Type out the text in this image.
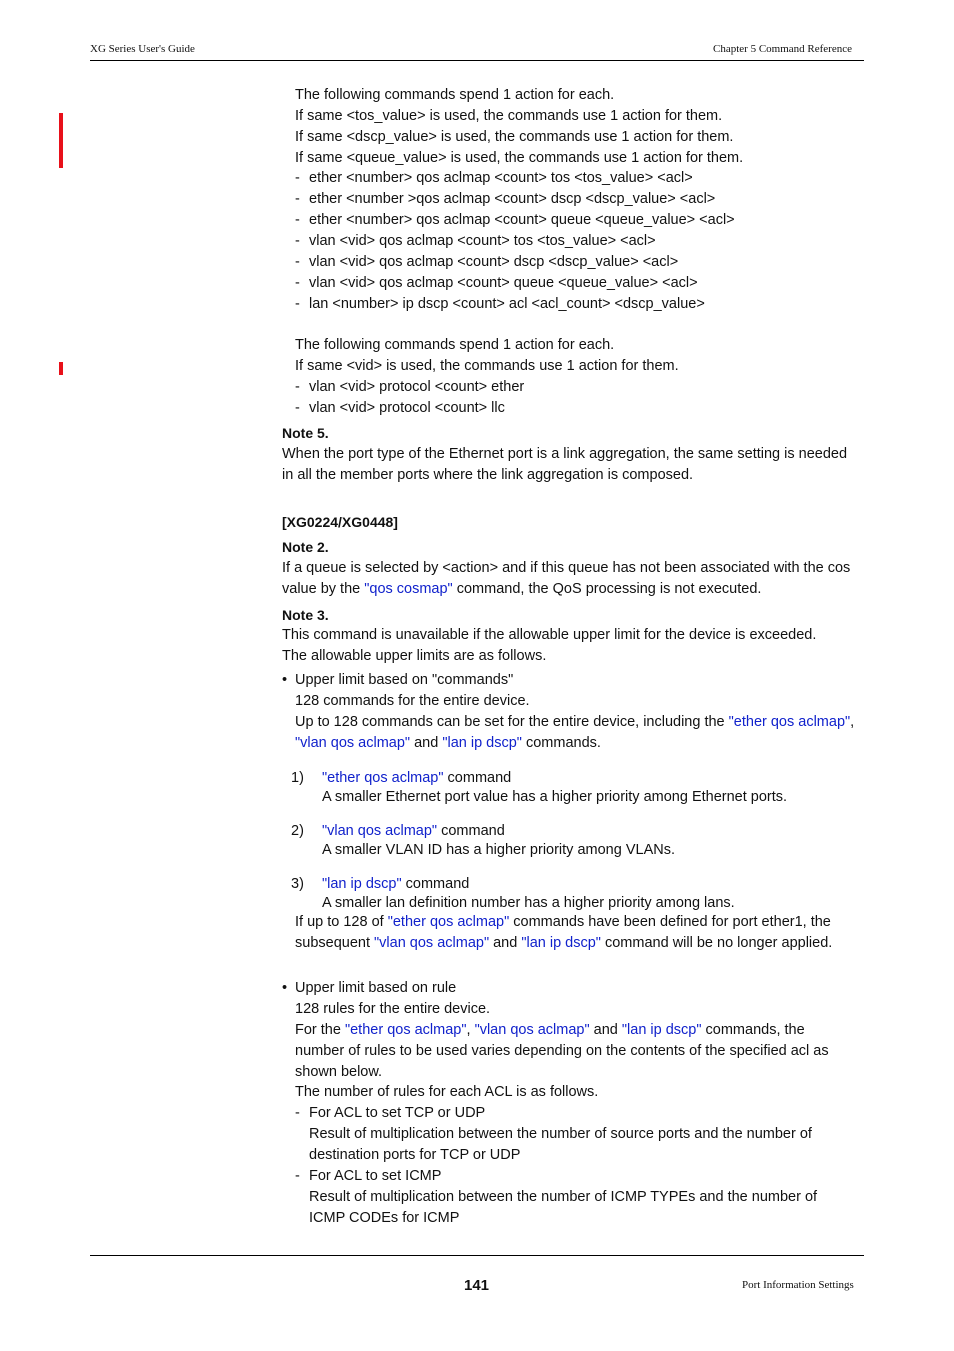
XG Series User's Guide	Chapter 5 Command Reference
The following commands spend 1 action for each.
If same <tos_value> is used, the commands use 1 action for them.
If same <dscp_value> is used, the commands use 1 action for them.
If same <queue_value> is used, the commands use 1 action for them.
- ether <number> qos aclmap <count> tos <tos_value> <acl>
- ether <number >qos aclmap <count> dscp <dscp_value> <acl>
- ether <number> qos aclmap <count> queue <queue_value> <acl>
- vlan <vid> qos aclmap <count> tos <tos_value> <acl>
- vlan <vid> qos aclmap <count> dscp <dscp_value> <acl>
- vlan <vid> qos aclmap <count> queue <queue_value> <acl>
- lan <number> ip dscp <count> acl <acl_count> <dscp_value>
The following commands spend 1 action for each.
If same <vid> is used, the commands use 1 action for them.
- vlan <vid> protocol <count> ether
- vlan <vid> protocol <count> llc
Note 5.
When the port type of the Ethernet port is a link aggregation, the same setting is needed
in all the member ports where the link aggregation is composed.
[XG0224/XG0448]
Note 2.
If a queue is selected by <action> and if this queue has not been associated with the cos
value by the "qos cosmap" command, the QoS processing is not executed.
Note 3.
This command is unavailable if the allowable upper limit for the device is exceeded.
The allowable upper limits are as follows.
• Upper limit based on "commands"
128 commands for the entire device.
Up to 128 commands can be set for the entire device, including the "ether qos aclmap",
"vlan qos aclmap" and "lan ip dscp" commands.
1) "ether qos aclmap" command
A smaller Ethernet port value has a higher priority among Ethernet ports.
2) "vlan qos aclmap" command
A smaller VLAN ID has a higher priority among VLANs.
3) "lan ip dscp" command
A smaller lan definition number has a higher priority among lans.
If up to 128 of "ether qos aclmap" commands have been defined for port ether1, the
subsequent "vlan qos aclmap" and "lan ip dscp" command will be no longer applied.
• Upper limit based on rule
128 rules for the entire device.
For the "ether qos aclmap", "vlan qos aclmap" and "lan ip dscp" commands, the
number of rules to be used varies depending on the contents of the specified acl as
shown below.
The number of rules for each ACL is as follows.
- For ACL to set TCP or UDP
Result of multiplication between the number of source ports and the number of
destination ports for TCP or UDP
- For ACL to set ICMP
Result of multiplication between the number of ICMP TYPEs and the number of
ICMP CODEs for ICMP
141	Port Information Settings
